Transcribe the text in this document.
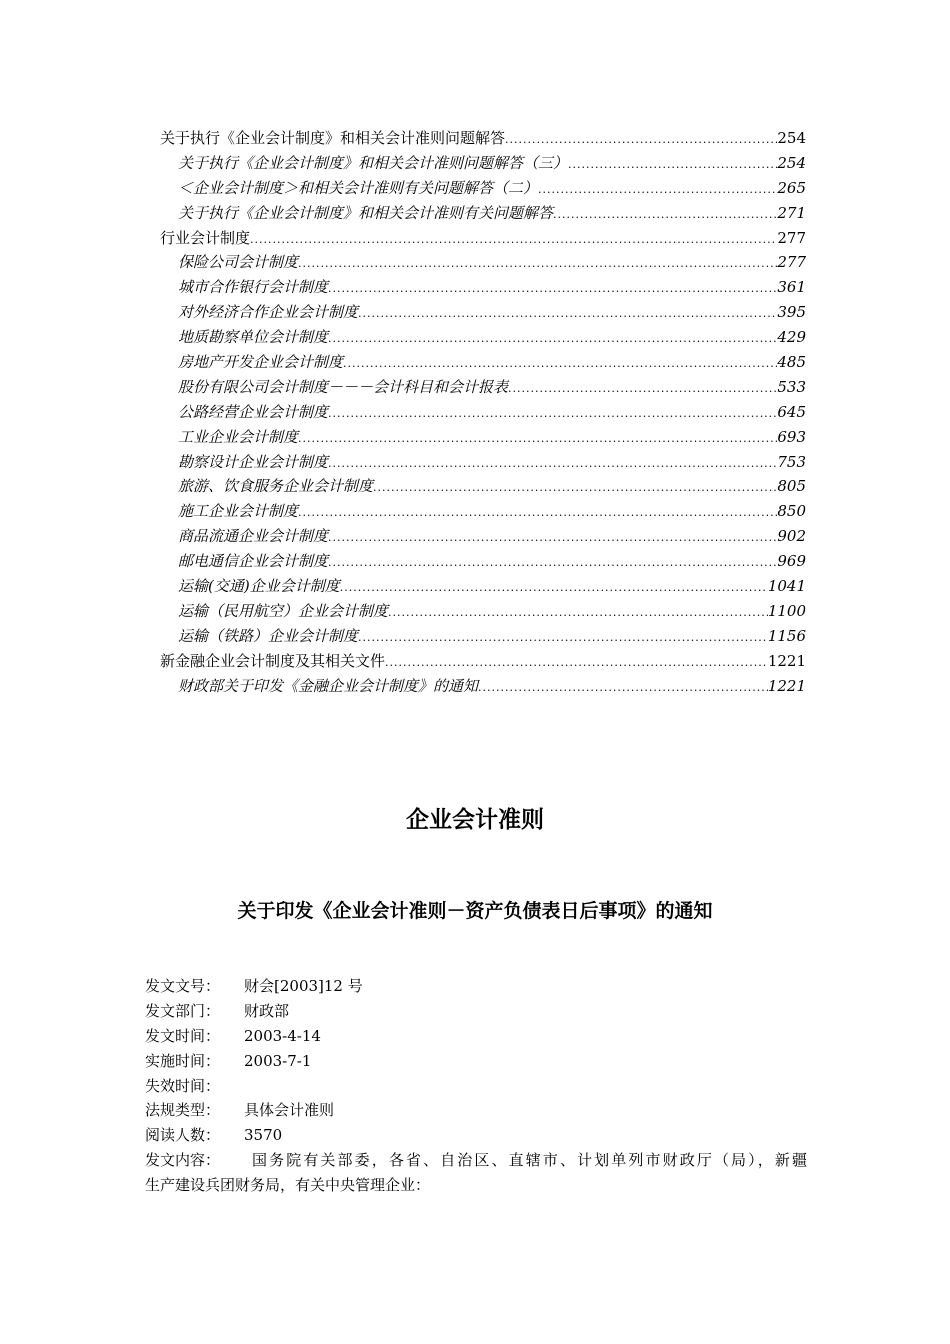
关于执行《企业会计制度》和相关会计准则问题解答 .....	254
关于执行《企业会计制度》和相关会计准则问题解答（三） .....	254
＜企业会计制度＞和相关会计准则有关问题解答（二） .....	265
关于执行《企业会计制度》和相关会计准则有关问题解答 .....	271
行业会计制度 .....	277
保险公司会计制度 .....	277
城市合作银行会计制度 .....	361
对外经济合作企业会计制度 .....	395
地质勘察单位会计制度 .....	429
房地产开发企业会计制度 .....	485
股份有限公司会计制度－－－会计科目和会计报表 .....	533
公路经营企业会计制度 .....	645
工业企业会计制度 .....	693
勘察设计企业会计制度 .....	753
旅游、饮食服务企业会计制度 .....	805
施工企业会计制度 .....	850
商品流通企业会计制度 .....	902
邮电通信企业会计制度 .....	969
运输(交通)企业会计制度 .....	1041
运输（民用航空）企业会计制度 .....	1100
运输（铁路）企业会计制度 .....	1156
新金融企业会计制度及其相关文件 .....	1221
财政部关于印发《金融企业会计制度》的通知 .....	1221
企业会计准则
关于印发《企业会计准则－资产负债表日后事项》的通知
发文文号：	财会[2003]12 号
发文部门：	财政部
发文时间：	2003-4-14
实施时间：	2003-7-1
失效时间：
法规类型：	具体会计准则
阅读人数：	3570
发文内容：	国务院有关部委，各省、自治区、直辖市、计划单列市财政厅（局），新疆
生产建设兵团财务局，有关中央管理企业：
